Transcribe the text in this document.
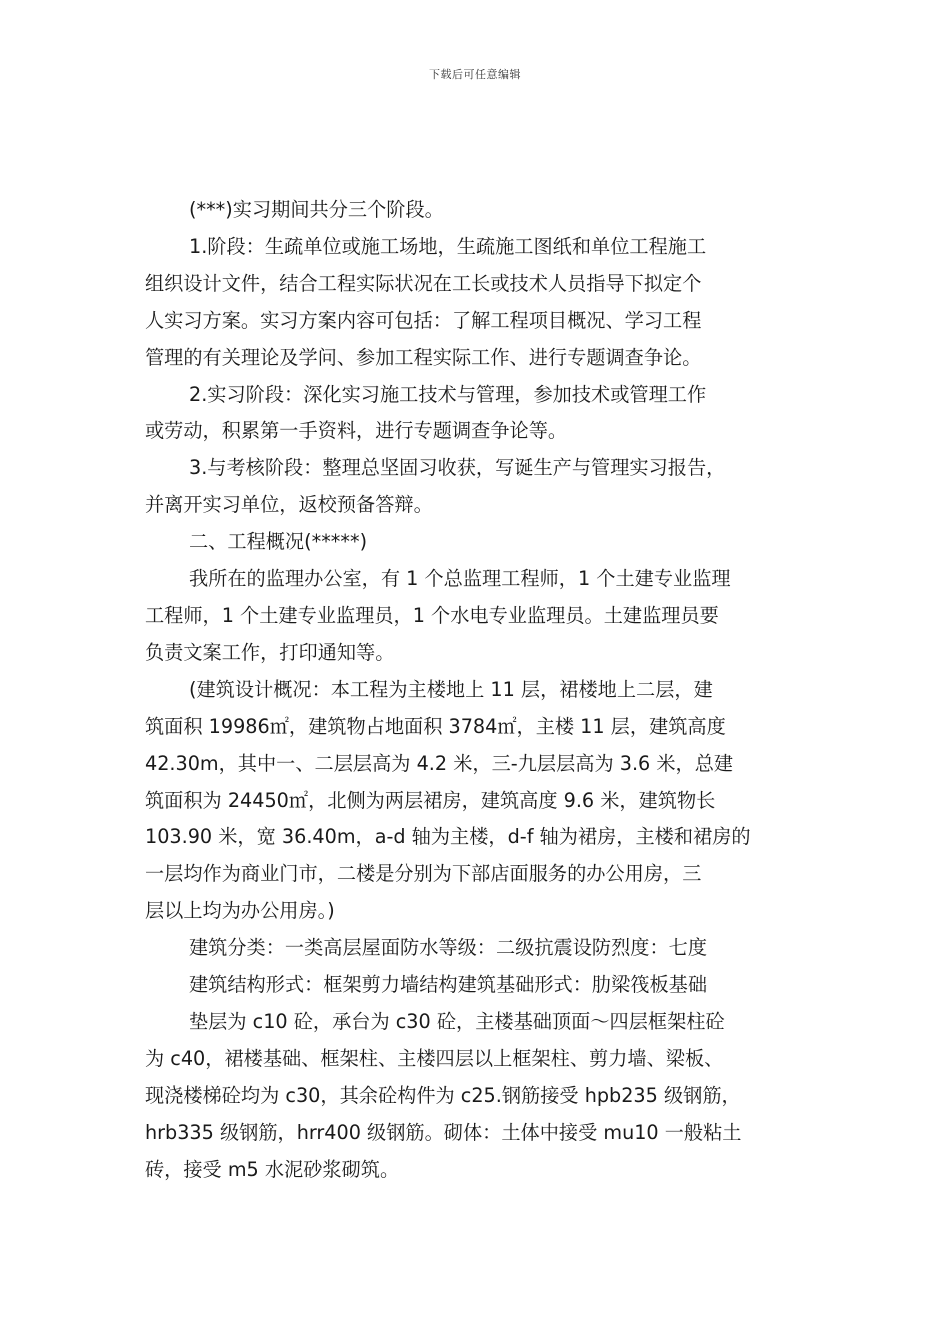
下载后可任意编辑
(***)实习期间共分三个阶段。
1.阶段：生疏单位或施工场地，生疏施工图纸和单位工程施工
组织设计文件，结合工程实际状况在工长或技术人员指导下拟定个
人实习方案。实习方案内容可包括：了解工程项目概况、学习工程
管理的有关理论及学问、参加工程实际工作、进行专题调查争论。
2.实习阶段：深化实习施工技术与管理，参加技术或管理工作
或劳动，积累第一手资料，进行专题调查争论等。
3.与考核阶段：整理总坚固习收获，写诞生产与管理实习报告，
并离开实习单位，返校预备答辩。
二、工程概况(*****)
我所在的监理办公室，有 1 个总监理工程师，1 个土建专业监理
工程师，1 个土建专业监理员，1 个水电专业监理员。土建监理员要
负责文案工作，打印通知等。
(建筑设计概况：本工程为主楼地上 11 层，裙楼地上二层，建
筑面积 19986㎡，建筑物占地面积 3784㎡，主楼 11 层，建筑高度
42.30m，其中一、二层层高为 4.2 米，三-九层层高为 3.6 米，总建
筑面积为 24450㎡，北侧为两层裙房，建筑高度 9.6 米，建筑物长
103.90 米，宽 36.40m，a-d 轴为主楼，d-f 轴为裙房，主楼和裙房的
一层均作为商业门市，二楼是分别为下部店面服务的办公用房，三
层以上均为办公用房。)
建筑分类：一类高层屋面防水等级：二级抗震设防烈度：七度
建筑结构形式：框架剪力墙结构建筑基础形式：肋梁筏板基础
垫层为 c10 砼，承台为 c30 砼，主楼基础顶面～四层框架柱砼
为 c40，裙楼基础、框架柱、主楼四层以上框架柱、剪力墙、梁板、
现浇楼梯砼均为 c30，其余砼构件为 c25.钢筋接受 hpb235 级钢筋，
hrb335 级钢筋，hrr400 级钢筋。砌体：土体中接受 mu10 一般粘土
砖，接受 m5 水泥砂浆砌筑。
